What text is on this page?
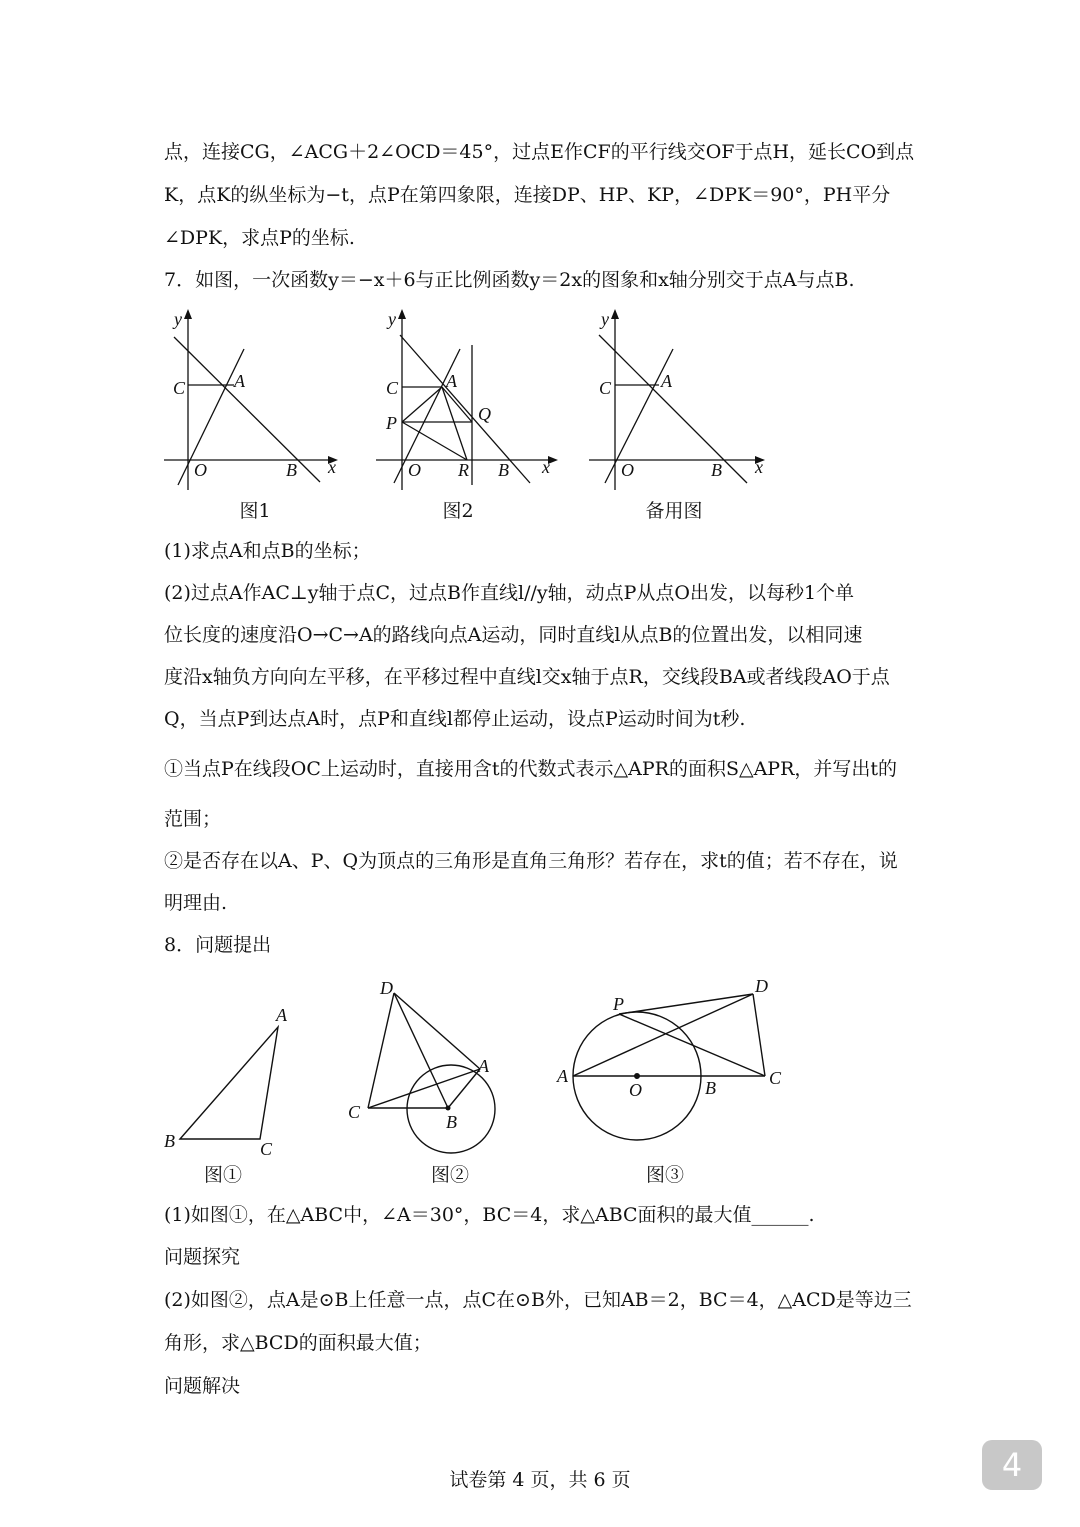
点，连接CG，∠ACG＋2∠OCD＝45°，过点E作CF的平行线交OF于点H，延长CO到点
K，点K的纵坐标为−t，点P在第四象限，连接DP、HP、KP，∠DPK＝90°，PH平分
∠DPK，求点P的坐标.
7．如图，一次函数y＝−x＋6与正比例函数y＝2x的图象和x轴分别交于点A与点B.
y
x
C	A
O	B
图1
y
x
C	A
P	Q
O R B
图2
y
x
C	A
O	B
备用图
(1)求点A和点B的坐标；
(2)过点A作AC⊥y轴于点C，过点B作直线l//y轴，动点P从点O出发，以每秒1个单
位长度的速度沿O→C→A的路线向点A运动，同时直线l从点B的位置出发，以相同速
度沿x轴负方向向左平移，在平移过程中直线l交x轴于点R，交线段BA或者线段AO于点
Q，当点P到达点A时，点P和直线l都停止运动，设点P运动时间为t秒.
①当点P在线段OC上运动时，直接用含t的代数式表示△APR的面积S△APR，并写出t的
范围；
②是否存在以A、P、Q为顶点的三角形是直角三角形？若存在，求t的值；若不存在，说
明理由.
8．问题提出
A
B	C
图①
D
A
C	B
图②
P
D
A
O	B	C
图③
(1)如图①，在△ABC中，∠A＝30°，BC＝4，求△ABC面积的最大值______.
问题探究
(2)如图②，点A是⊙B上任意一点，点C在⊙B外，已知AB＝2，BC＝4，△ACD是等边三
角形，求△BCD的面积最大值；
问题解决
试卷第 4 页，共 6 页	4
